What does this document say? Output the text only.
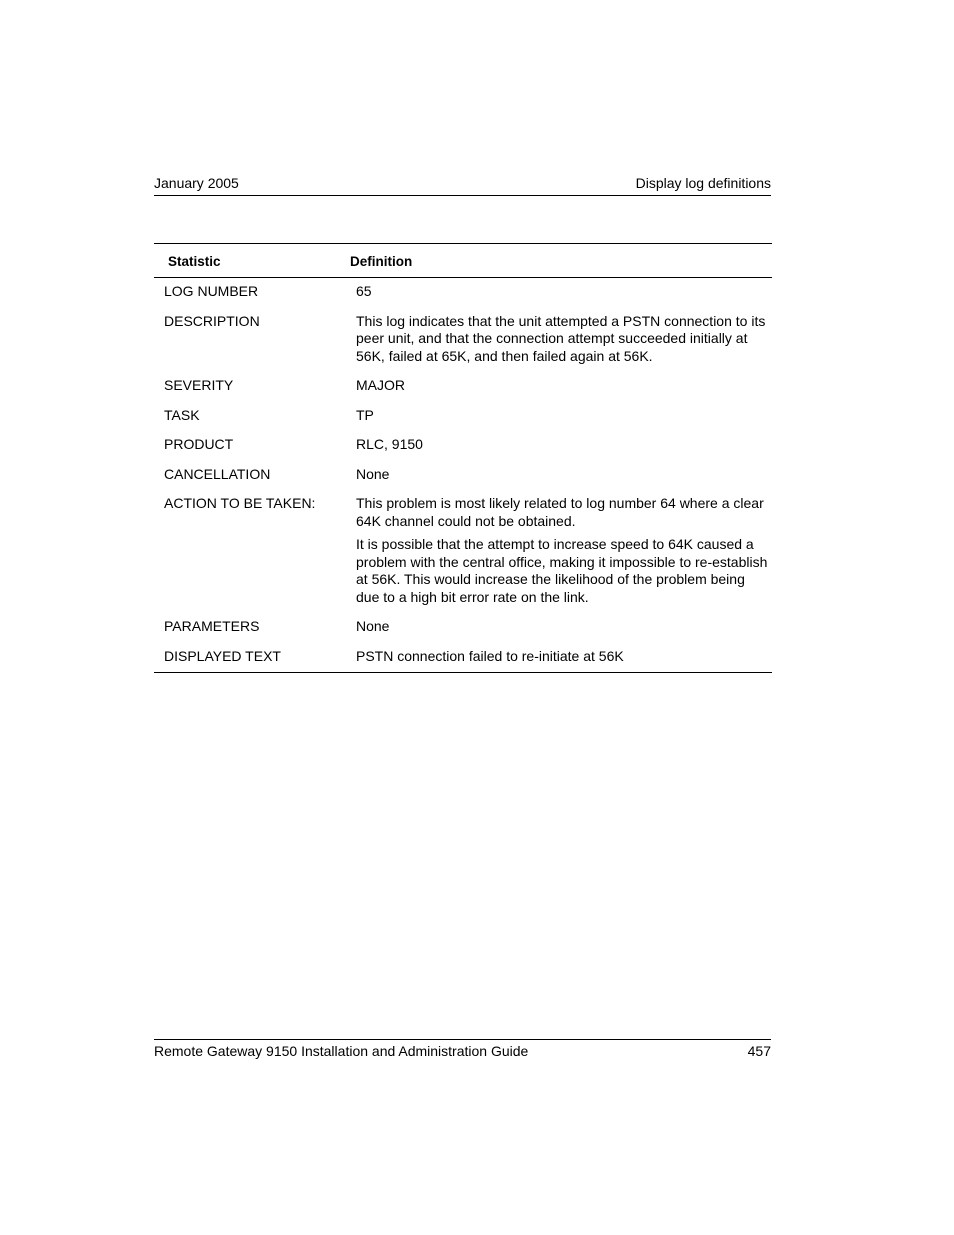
January 2005	Display log definitions
Statistic	Definition
LOG NUMBER	65

DESCRIPTION	This log indicates that the unit attempted a PSTN connection to its peer unit, and that the connection attempt succeeded initially at 56K, failed at 65K, and then failed again at 56K.

SEVERITY	MAJOR

TASK	TP

PRODUCT	RLC, 9150

CANCELLATION	None

ACTION TO BE TAKEN:	This problem is most likely related to log number 64 where a clear 64K channel could not be obtained.

It is possible that the attempt to increase speed to 64K caused a problem with the central office, making it impossible to re-establish at 56K. This would increase the likelihood of the problem being due to a high bit error rate on the link.

PARAMETERS	None

DISPLAYED TEXT	PSTN connection failed to re-initiate at 56K

Remote Gateway 9150 Installation and Administration Guide	457
